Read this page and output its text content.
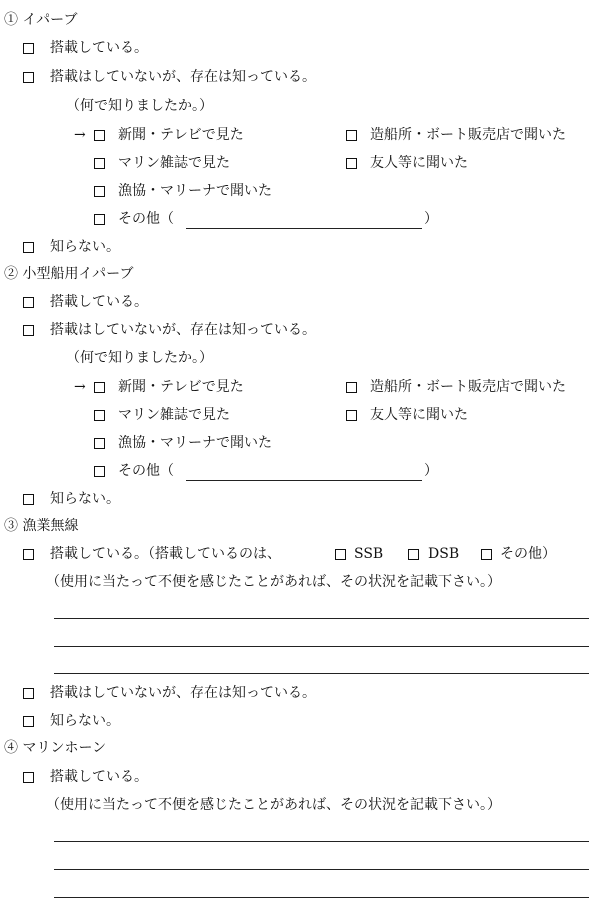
① イパーブ
搭載している。
搭載はしていないが、存在は知っている。
（何で知りましたか。）
→ 新聞・テレビで見た	造船所・ボート販売店で聞いた
マリン雑誌で見た	友人等に聞いた
漁協・マリーナで聞いた
その他（	）
知らない。
② 小型船用イパーブ
搭載している。
搭載はしていないが、存在は知っている。
（何で知りましたか。）
→ 新聞・テレビで見た	造船所・ボート販売店で聞いた
マリン雑誌で見た	友人等に聞いた
漁協・マリーナで聞いた
その他（	）
知らない。
③ 漁業無線
搭載している。（搭載しているのは、	SSB	DSB	その他）
（使用に当たって不便を感じたことがあれば、その状況を記載下さい。）
搭載はしていないが、存在は知っている。
知らない。
④ マリンホーン
搭載している。
（使用に当たって不便を感じたことがあれば、その状況を記載下さい。）
